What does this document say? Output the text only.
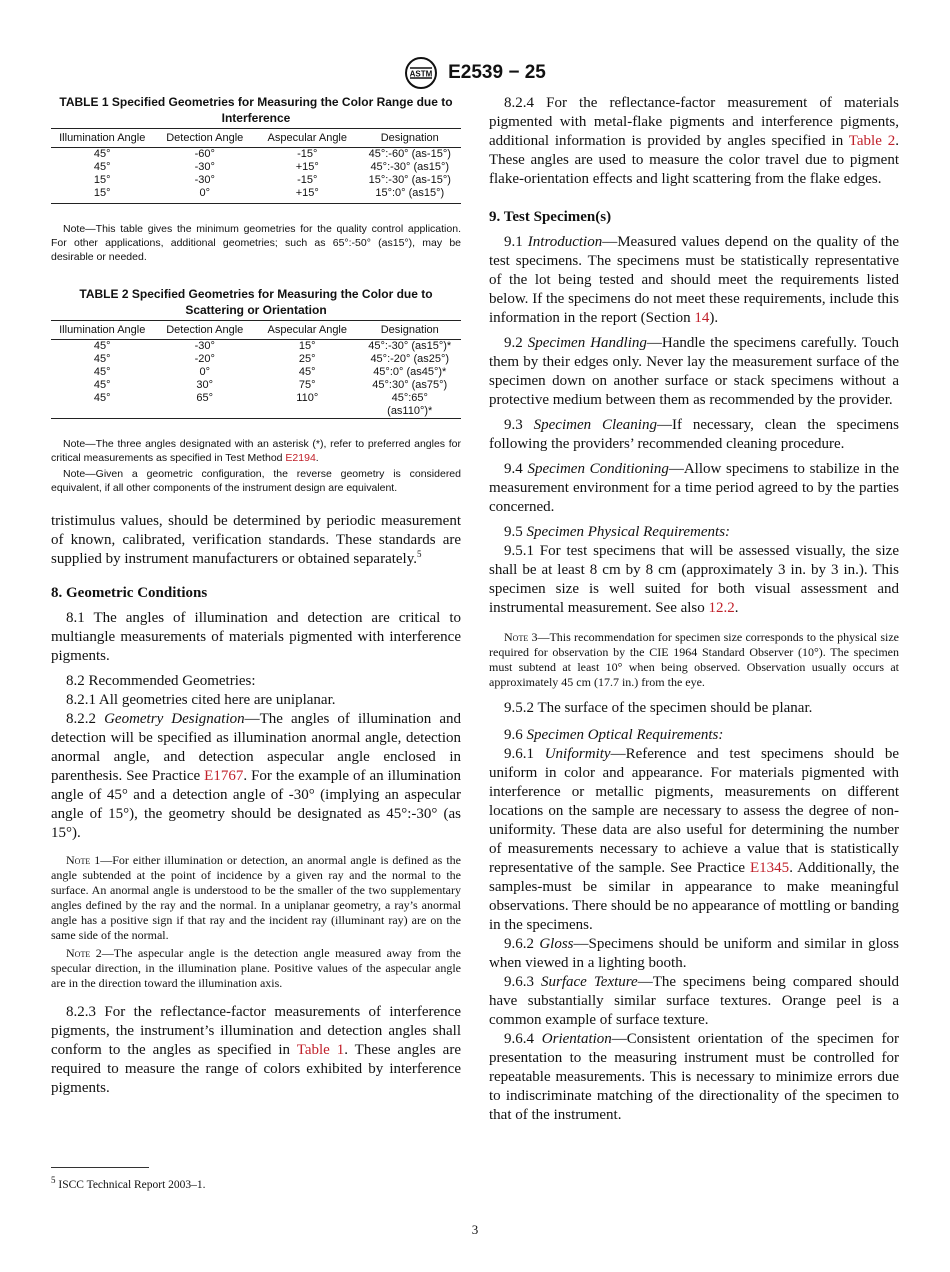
ASTM E2539 − 25
TABLE 1 Specified Geometries for Measuring the Color Range due to Interference
Illumination Angle	Detection Angle	Aspecular Angle	Designation
45°	-60°	-15°	45°:-60° (as-15°)
45°	-30°	+15°	45°:-30° (as15°)
15°	-30°	-15°	15°:-30° (as-15°)
15°	0°	+15°	15°:0° (as15°)

Note—This table gives the minimum geometries for the quality control application. For other applications, additional geometries; such as 65°:-50° (as15°), may be desirable or needed.

TABLE 2 Specified Geometries for Measuring the Color due to Scattering or Orientation
Illumination Angle	Detection Angle	Aspecular Angle	Designation
45°	-30°	15°	45°:-30° (as15°)*
45°	-20°	25°	45°:-20° (as25°)
45°	0°	45°	45°:0° (as45°)*
45°	30°	75°	45°:30° (as75°)
45°	65°	110°	45°:65° (as110°)*

Note—The three angles designated with an asterisk (*), refer to preferred angles for critical measurements as specified in Test Method E2194.

Note—Given a geometric configuration, the reverse geometry is considered equivalent, if all other components of the instrument design are equivalent.

tristimulus values, should be determined by periodic measurement of known, calibrated, verification standards. These standards are supplied by instrument manufacturers or obtained separately.$^5$

8. Geometric Conditions

8.1 The angles of illumination and detection are critical to multiangle measurements of materials pigmented with interference pigments.

8.2 Recommended Geometries:

8.2.1 All geometries cited here are uniplanar.

8.2.2 Geometry Designation—The angles of illumination and detection will be specified as illumination anormal angle, detection anormal angle, and detection aspecular angle enclosed in parenthesis. See Practice E1767. For the example of an illumination angle of 45° and a detection angle of -30° (implying an aspecular angle of 15°), the geometry should be designated as 45°:-30° (as 15°).

Note 1—For either illumination or detection, an anormal angle is defined as the angle subtended at the point of incidence by a given ray and the normal to the surface. An anormal angle is understood to be the smaller of the two supplementary angles defined by the ray and the normal. In a uniplanar geometry, a ray’s anormal angle has a positive sign if that ray and the incident ray (illuminant ray) are on the same side of the normal.

Note 2—The aspecular angle is the detection angle measured away from the specular direction, in the illumination plane. Positive values of the aspecular angle are in the direction toward the illumination axis.

8.2.3 For the reflectance-factor measurements of interference pigments, the instrument’s illumination and detection angles shall conform to the angles as specified in Table 1. These angles are required to measure the range of colors exhibited by interference pigments.

$^5$ ISCC Technical Report 2003–1.

8.2.4 For the reflectance-factor measurement of materials pigmented with metal-flake pigments and interference pigments, additional information is provided by angles specified in Table 2. These angles are used to measure the color travel due to pigment flake-orientation effects and light scattering from the flake edges.

9. Test Specimen(s)

9.1 Introduction—Measured values depend on the quality of the test specimens. The specimens must be statistically representative of the lot being tested and should meet the requirements listed below. If the specimens do not meet these requirements, include this information in the report (Section 14).

9.2 Specimen Handling—Handle the specimens carefully. Touch them by their edges only. Never lay the measurement surface of the specimen down on another surface or stack specimens without a protective medium between them as recommended by the provider.

9.3 Specimen Cleaning—If necessary, clean the specimens following the providers’ recommended cleaning procedure.

9.4 Specimen Conditioning—Allow specimens to stabilize in the measurement environment for a time period agreed to by the parties concerned.

9.5 Specimen Physical Requirements:

9.5.1 For test specimens that will be assessed visually, the size shall be at least 8 cm by 8 cm (approximately 3 in. by 3 in.). This specimen size is well suited for both visual assessment and instrumental measurement. See also 12.2.

Note 3—This recommendation for specimen size corresponds to the physical size required for observation by the CIE 1964 Standard Observer (10°). The specimen must subtend at least 10° when being observed. Observation usually occurs at approximately 45 cm (17.7 in.) from the eye.

9.5.2 The surface of the specimen should be planar.

9.6 Specimen Optical Requirements:

9.6.1 Uniformity—Reference and test specimens should be uniform in color and appearance. For materials pigmented with interference or metallic pigments, measurements on different locations on the sample are necessary to assess the degree of non-uniformity. These data are also useful for determining the number of measurements necessary to achieve a value that is statistically representative of the sample. See Practice E1345. Additionally, the samples-must be similar in appearance to make meaningful observations. There should be no appearance of mottling or banding in the specimens.

9.6.2 Gloss—Specimens should be uniform and similar in gloss when viewed in a lighting booth.

9.6.3 Surface Texture—The specimens being compared should have substantially similar surface textures. Orange peel is a common example of surface texture.

9.6.4 Orientation—Consistent orientation of the specimen for presentation to the measuring instrument must be controlled for repeatable measurements. This is necessary to minimize errors due to indiscriminate matching of the directionality of the specimen to that of the instrument.

3
